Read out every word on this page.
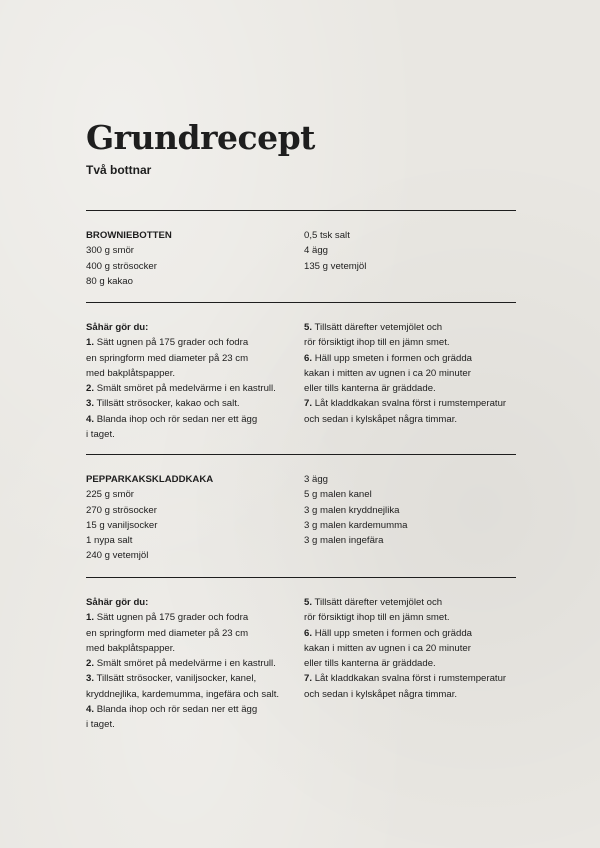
Grundrecept

Två bottnar

BROWNIEBOTTEN
300 g smör
400 g strösocker
80 g kakao
0,5 tsk salt
4 ägg
135 g vetemjöl
Såhär gör du:
1. Sätt ugnen på 175 grader och fodra
en springform med diameter på 23 cm
med bakplåtspapper.
2. Smält smöret på medelvärme i en kastrull.
3. Tillsätt strösocker, kakao och salt.
4. Blanda ihop och rör sedan ner ett ägg
i taget.
5. Tillsätt därefter vetemjölet och
rör försiktigt ihop till en jämn smet.
6. Häll upp smeten i formen och grädda
kakan i mitten av ugnen i ca 20 minuter
eller tills kanterna är gräddade.
7. Låt kladdkakan svalna först i rumstemperatur
och sedan i kylskåpet några timmar.
PEPPARKAKSKLADDKAKA
225 g smör
270 g strösocker
15 g vaniljsocker
1 nypa salt
240 g vetemjöl
3 ägg
5 g malen kanel
3 g malen kryddnejlika
3 g malen kardemumma
3 g malen ingefära
Såhär gör du:
1. Sätt ugnen på 175 grader och fodra
en springform med diameter på 23 cm
med bakplåtspapper.
2. Smält smöret på medelvärme i en kastrull.
3. Tillsätt strösocker, vaniljsocker, kanel,
kryddnejlika, kardemumma, ingefära och salt.
4. Blanda ihop och rör sedan ner ett ägg
i taget.
5. Tillsätt därefter vetemjölet och
rör försiktigt ihop till en jämn smet.
6. Häll upp smeten i formen och grädda
kakan i mitten av ugnen i ca 20 minuter
eller tills kanterna är gräddade.
7. Låt kladdkakan svalna först i rumstemperatur
och sedan i kylskåpet några timmar.
